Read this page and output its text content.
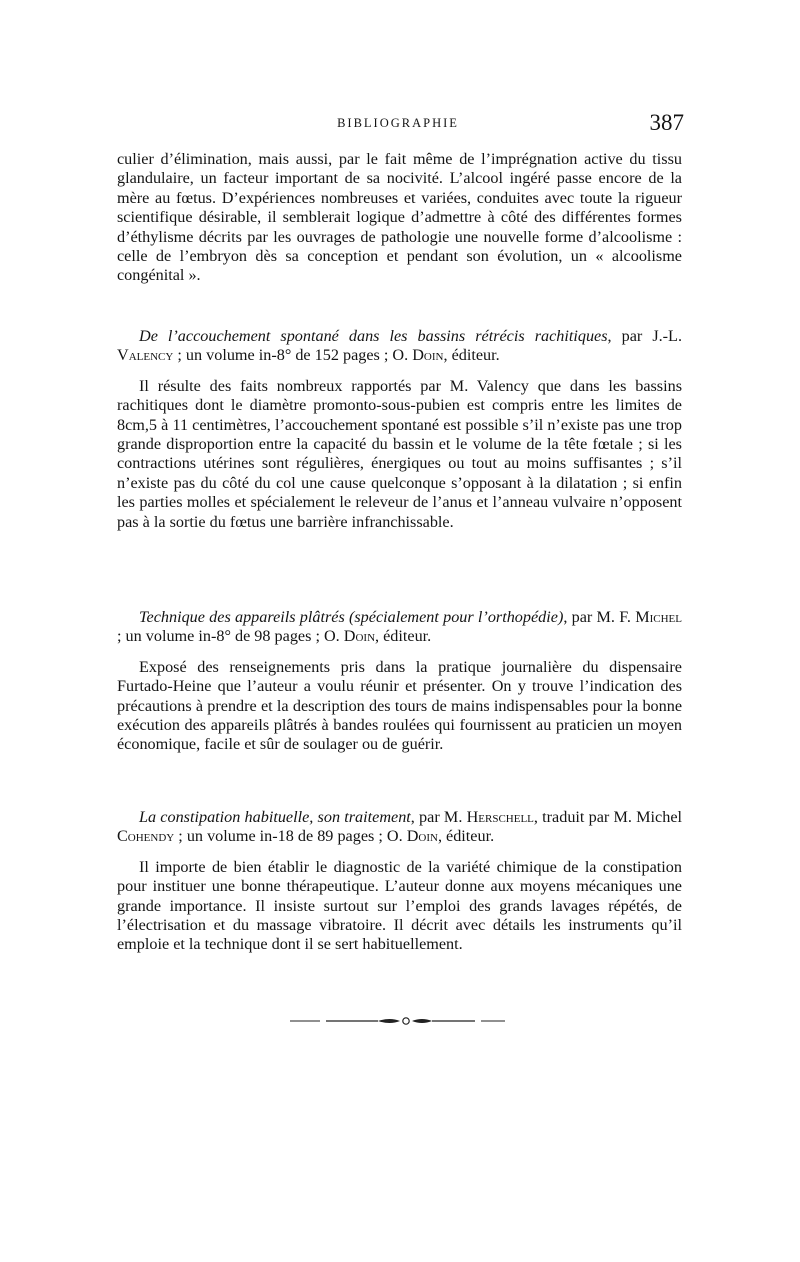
BIBLIOGRAPHIE	387

culier d’élimination, mais aussi, par le fait même de l’imprégnation active du tissu glandulaire, un facteur important de sa nocivité. L’alcool ingéré passe encore de la mère au fœtus. D’expériences nombreuses et variées, conduites avec toute la rigueur scientifique désirable, il semblerait logique d’admettre à côté des différentes formes d’éthylisme décrits par les ouvrages de pathologie une nouvelle forme d’alcoolisme : celle de l’embryon dès sa conception et pendant son évolution, un « alcoolisme congénital ».

De l’accouchement spontané dans les bassins rétrécis rachitiques, par J.-L. Valency ; un volume in-8° de 152 pages ; O. Doin, éditeur.

Il résulte des faits nombreux rapportés par M. Valency que dans les bassins rachitiques dont le diamètre promonto-sous-pubien est compris entre les limites de 8cm,5 à 11 centimètres, l’accouchement spontané est possible s’il n’existe pas une trop grande disproportion entre la capacité du bassin et le volume de la tête fœtale ; si les contractions utérines sont régulières, énergiques ou tout au moins suffisantes ; s’il n’existe pas du côté du col une cause quelconque s’opposant à la dilatation ; si enfin les parties molles et spécialement le releveur de l’anus et l’anneau vulvaire n’opposent pas à la sortie du fœtus une barrière infranchissable.

Technique des appareils plâtrés (spécialement pour l’orthopédie), par M. F. Michel ; un volume in-8° de 98 pages ; O. Doin, éditeur.

Exposé des renseignements pris dans la pratique journalière du dispensaire Furtado-Heine que l’auteur a voulu réunir et présenter. On y trouve l’indication des précautions à prendre et la description des tours de mains indispensables pour la bonne exécution des appareils plâtrés à bandes roulées qui fournissent au praticien un moyen économique, facile et sûr de soulager ou de guérir.

La constipation habituelle, son traitement, par M. Herschell, traduit par M. Michel Cohendy ; un volume in-18 de 89 pages ; O. Doin, éditeur.

Il importe de bien établir le diagnostic de la variété chimique de la constipation pour instituer une bonne thérapeutique. L’auteur donne aux moyens mécaniques une grande importance. Il insiste surtout sur l’emploi des grands lavages répétés, de l’électrisation et du massage vibratoire. Il décrit avec détails les instruments qu’il emploie et la technique dont il se sert habituellement.
